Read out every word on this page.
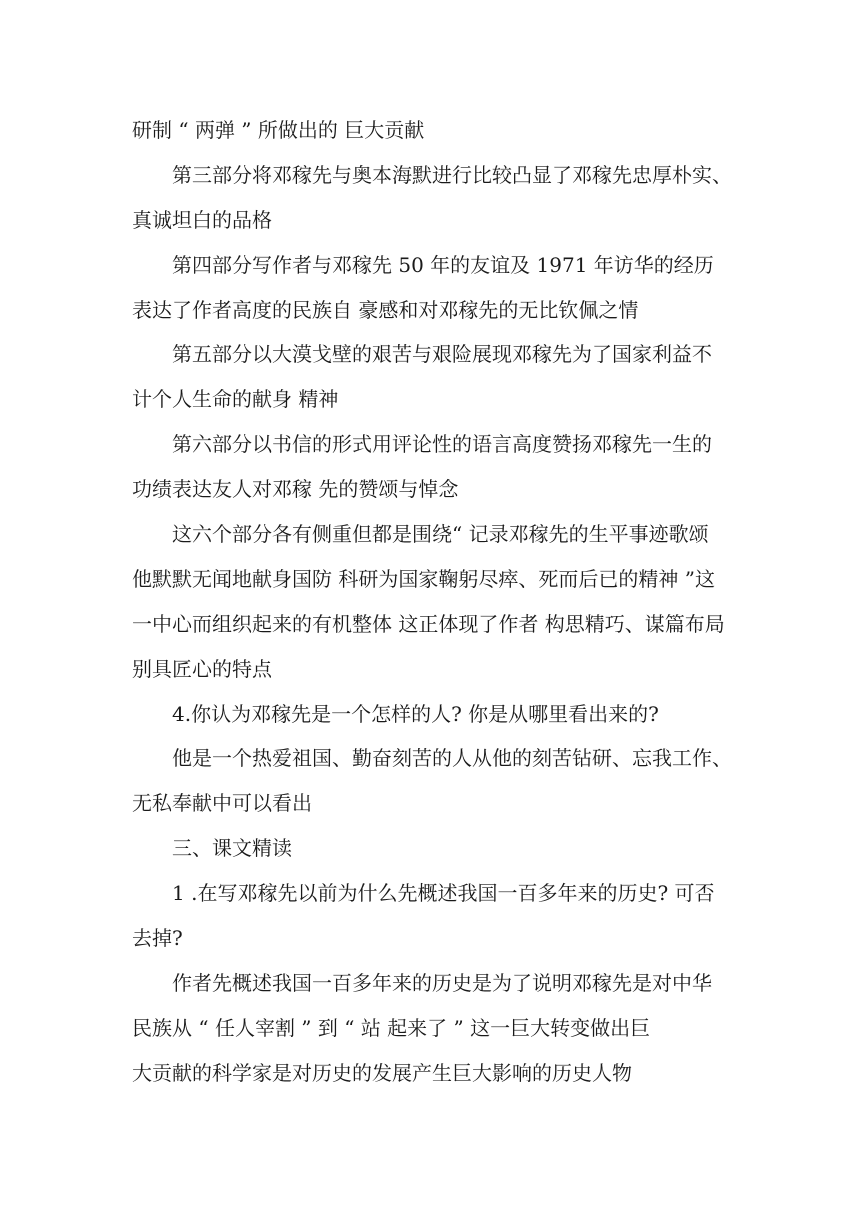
研制 “ 两弹 ” 所做出的 巨大贡献
第三部分将邓稼先与奥本海默进行比较凸显了邓稼先忠厚朴实、
真诚坦白的品格
第四部分写作者与邓稼先 50 年的友谊及 1971 年访华的经历
表达了作者高度的民族自 豪感和对邓稼先的无比钦佩之情
第五部分以大漠戈壁的艰苦与艰险展现邓稼先为了国家利益不
计个人生命的献身 精神
第六部分以书信的形式用评论性的语言高度赞扬邓稼先一生的
功绩表达友人对邓稼 先的赞颂与悼念
这六个部分各有侧重但都是围绕“ 记录邓稼先的生平事迹歌颂
他默默无闻地献身国防 科研为国家鞠躬尽瘁、死而后已的精神 ”这
一中心而组织起来的有机整体 这正体现了作者 构思精巧、谋篇布局
别具匠心的特点
4.你认为邓稼先是一个怎样的人? 你是从哪里看出来的?
他是一个热爱祖国、勤奋刻苦的人从他的刻苦钻研、忘我工作、
无私奉献中可以看出
三、课文精读
1 .在写邓稼先以前为什么先概述我国一百多年来的历史? 可否
去掉?
作者先概述我国一百多年来的历史是为了说明邓稼先是对中华
民族从 “ 任人宰割 ” 到 “ 站 起来了 ” 这一巨大转变做出巨
大贡献的科学家是对历史的发展产生巨大影响的历史人物
